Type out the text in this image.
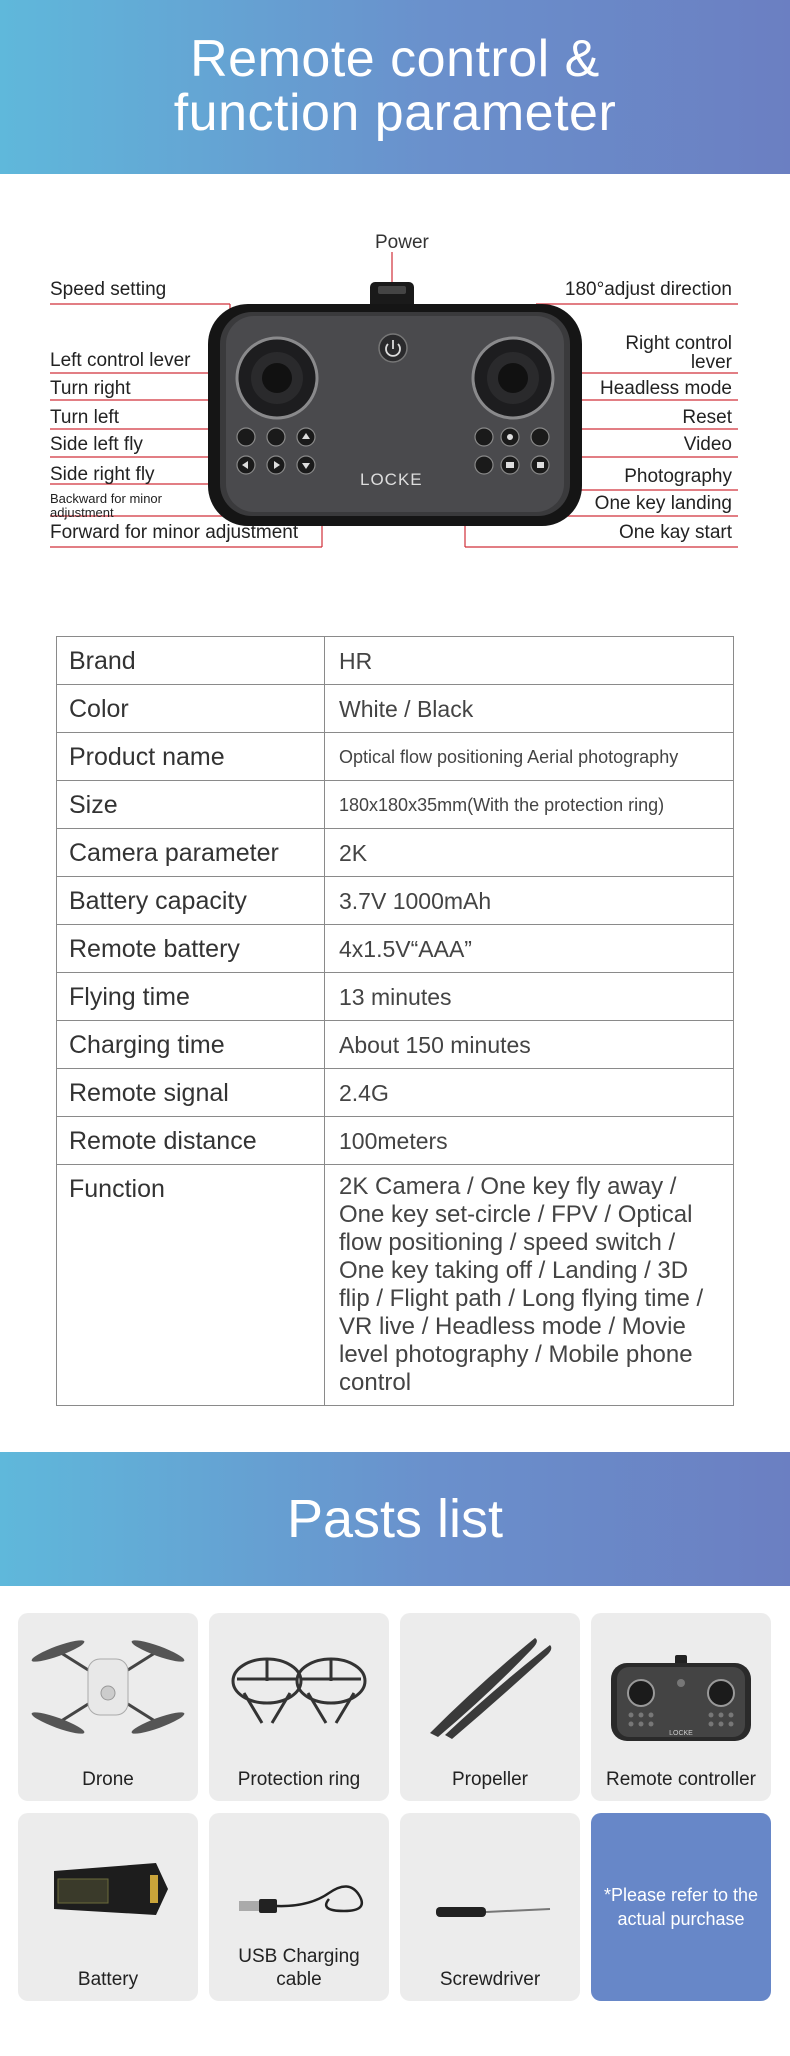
Remote control &
function parameter
Power
Speed setting
Left control lever
Turn right
Turn left
Side left fly
Side right fly
Backward for minor
adjustment
Forward for minor adjustment
180°adjust direction
Right control
lever
Headless mode
Reset
Video
Photography
One key landing
One kay start
LOCKE
Brand	HR
Color	White / Black
Product name	Optical flow positioning Aerial photography
Size	180x180x35mm(With the protection ring)
Camera parameter	2K
Battery capacity	3.7V 1000mAh
Remote battery	4x1.5V“AAA”
Flying time	13 minutes
Charging time	About 150 minutes
Remote signal	2.4G
Remote distance	100meters
Function	2K Camera / One key fly away / One key set-circle / FPV / Optical flow positioning / speed switch / One key taking off / Landing / 3D flip / Flight path / Long flying time / VR live / Headless mode / Movie level photography / Mobile phone control
Pasts list
Drone	Protection ring	Propeller
LOCKE
Remote controller
Battery
USB Charging
cable	Screwdriver
*Please refer to the
actual purchase
